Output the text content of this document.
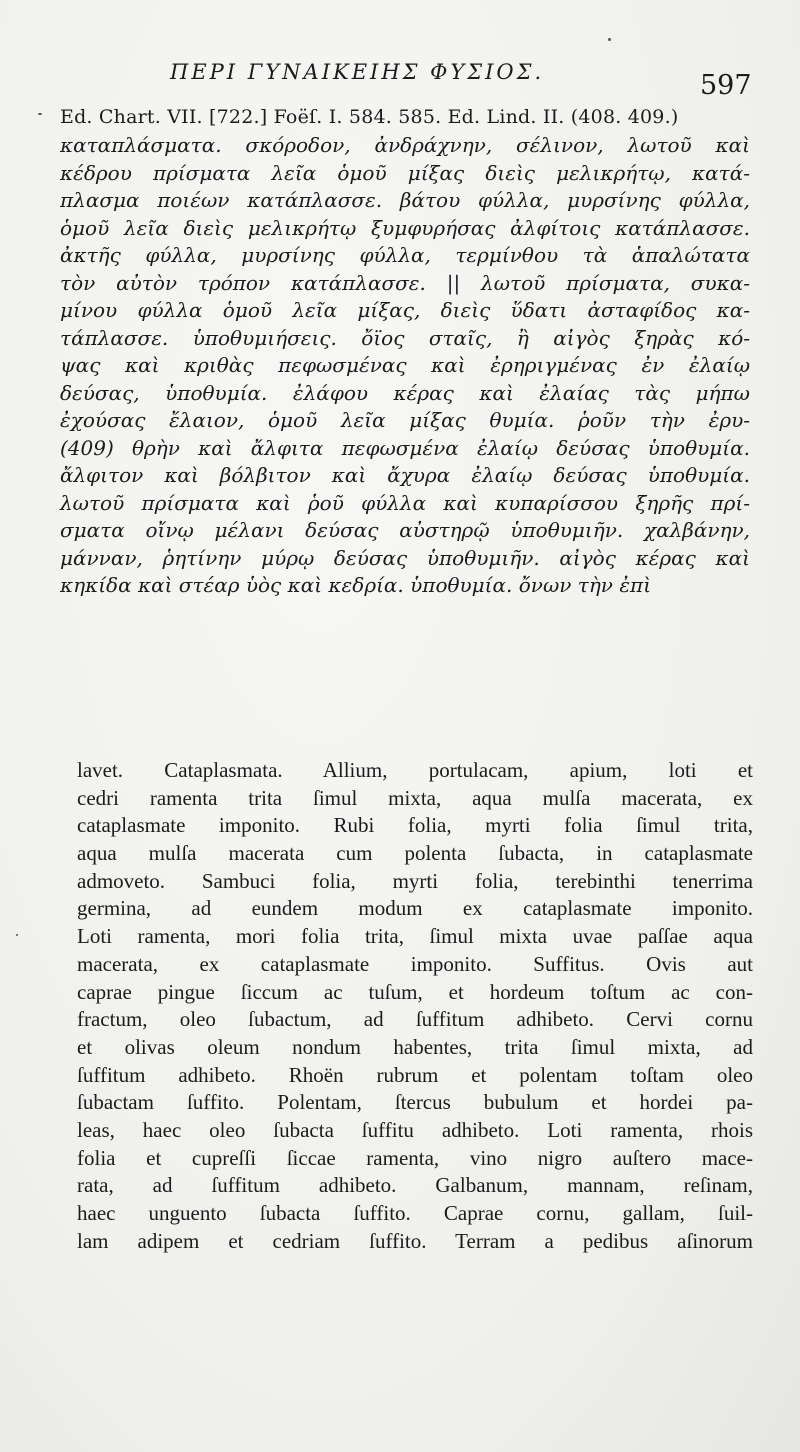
ΠΕΡΙ ΓΥΝΑΙΚΕΙΗΣ ΦΥΣΙΟΣ.	597
Ed. Chart. VII. [722.] Foëſ. I. 584. 585. Ed. Lind. II. (408. 409.)
καταπλάσματα. σκόροδον, ἀνδράχνην, σέλινον, λωτοῦ καὶ
κέδρου πρίσματα λεῖα ὁμοῦ μίξας διεὶς μελικρήτῳ, κατά-
πλασμα ποιέων κατάπλασσε. βάτου φύλλα, μυρσίνης φύλλα,
ὁμοῦ λεῖα διεὶς μελικρήτῳ ξυμφυρήσας ἀλφίτοις κατάπλασσε.
ἀκτῆς φύλλα, μυρσίνης φύλλα, τερμίνθου τὰ ἁπαλώτατα
τὸν αὐτὸν τρόπον κατάπλασσε. || λωτοῦ πρίσματα, συκα-
μίνου φύλλα ὁμοῦ λεῖα μίξας, διεὶς ὕδατι ἀσταφίδος κα-
τάπλασσε. ὑποθυμιήσεις. ὄϊος σταῖς, ἢ αἰγὸς ξηρὰς κό-
ψας καὶ κριθὰς πεφωσμένας καὶ ἐρηριγμένας ἐν ἐλαίῳ
δεύσας, ὑποθυμία. ἐλάφου κέρας καὶ ἐλαίας τὰς μήπω
ἐχούσας ἔλαιον, ὁμοῦ λεῖα μίξας θυμία. ῥοῦν τὴν ἐρυ-
(409) θρὴν καὶ ἄλφιτα πεφωσμένα ἐλαίῳ δεύσας ὑποθυμία.
ἄλφιτον καὶ βόλβιτον καὶ ἄχυρα ἐλαίῳ δεύσας ὑποθυμία.
λωτοῦ πρίσματα καὶ ῥοῦ φύλλα καὶ κυπαρίσσου ξηρῆς πρί-
σματα οἴνῳ μέλανι δεύσας αὐστηρῷ ὑποθυμιῆν. χαλβάνην,
μάνναν, ῥητίνην μύρῳ δεύσας ὑποθυμιῆν. αἰγὸς κέρας καὶ
κηκίδα καὶ στέαρ ὑὸς καὶ κεδρία. ὑποθυμία. ὄνων τὴν ἐπὶ
lavet. Cataplasmata. Allium, portulacam, apium, loti et
cedri ramenta trita ſimul mixta, aqua mulſa macerata, ex
cataplasmate imponito. Rubi folia, myrti folia ſimul trita,
aqua mulſa macerata cum polenta ſubacta, in cataplasmate
admoveto. Sambuci folia, myrti folia, terebinthi tenerrima
germina, ad eundem modum ex cataplasmate imponito.
Loti ramenta, mori folia trita, ſimul mixta uvae paſſae aqua
macerata, ex cataplasmate imponito. Suffitus. Ovis aut
caprae pingue ſiccum ac tuſum, et hordeum toſtum ac con-
fractum, oleo ſubactum, ad ſuffitum adhibeto. Cervi cornu
et olivas oleum nondum habentes, trita ſimul mixta, ad
ſuffitum adhibeto. Rhoën rubrum et polentam toſtam oleo
ſubactam ſuffito. Polentam, ſtercus bubulum et hordei pa-
leas, haec oleo ſubacta ſuffitu adhibeto. Loti ramenta, rhois
folia et cupreſſi ſiccae ramenta, vino nigro auſtero mace-
rata, ad ſuffitum adhibeto. Galbanum, mannam, reſinam,
haec unguento ſubacta ſuffito. Caprae cornu, gallam, ſuil-
lam adipem et cedriam ſuffito. Terram a pedibus aſinorum
